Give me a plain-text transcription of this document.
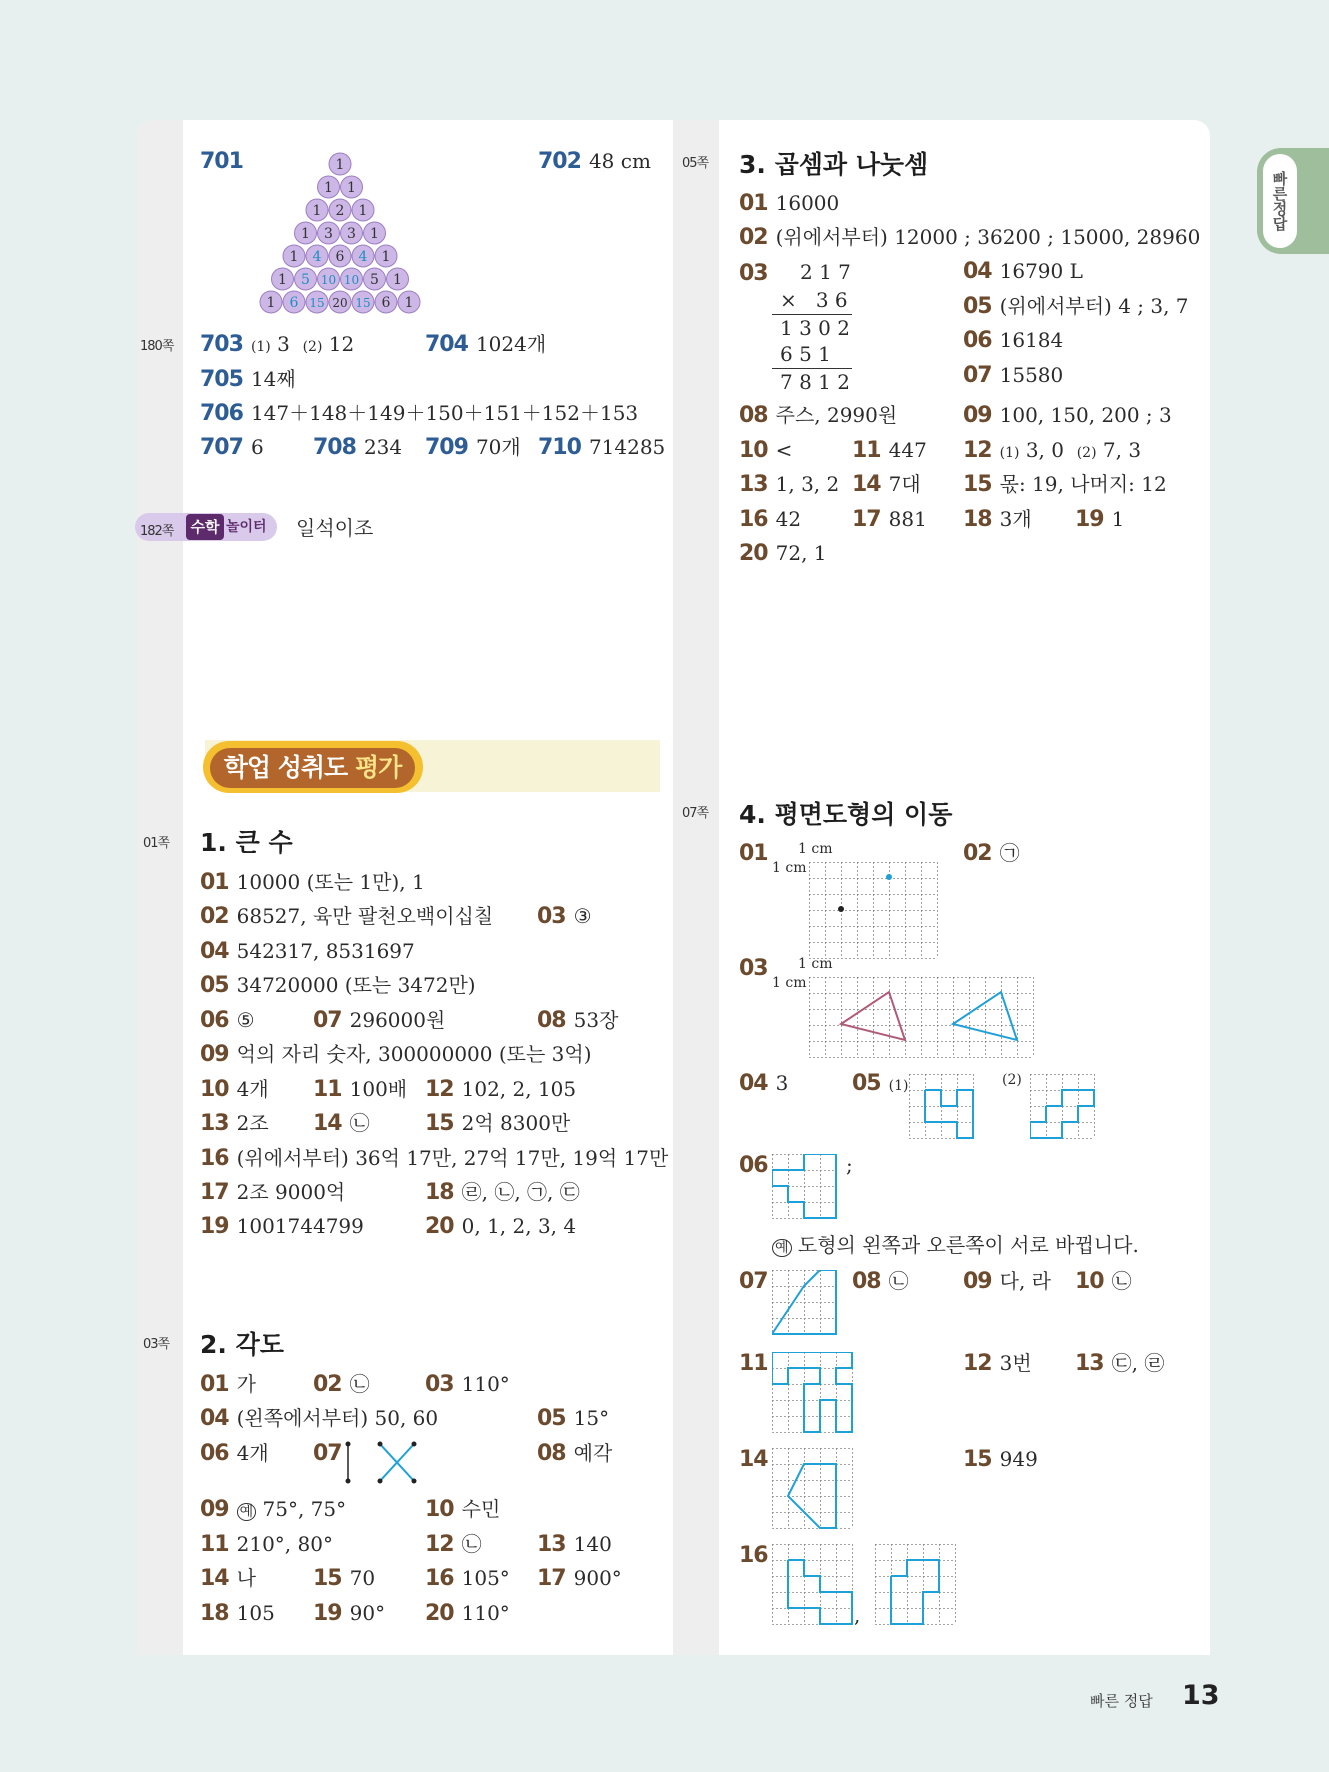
빠른정답
701	1
1 1
1 2 1
1 3 3 1
1 4 6 4 1
1 5 10 10 5 1
1 6 15 20 15 6 1
702 48 cm
180쪽 703 (1) 3 (2) 12	704 1024개
705 14째
706 147＋148＋149＋150＋151＋152＋153
707 6 708 234 709 70개 710 714285
182쪽	수학 놀이터 일석이조
학업 성취도 평가
01쪽 1. 큰 수
01 10000 (또는 1만), 1
02 68527, 육만 팔천오백이십칠 03 ③
04 542317, 8531697
05 34720000 (또는 3472만)
06 ⑤	07 296000원	08 53장
09 억의 자리 숫자, 300000000 (또는 3억)
10 4개 11 100배 12 102, 2, 105
13 2조 14 ㉡	15 2억 8300만
16 (위에서부터) 36억 17만, 27억 17만, 19억 17만
17 2조 9000억	18 ㉣, ㉡, ㉠, ㉢
19 1001744799	20 0, 1, 2, 3, 4
03쪽 2. 각도
01 가	02 ㉡	03 110°
04 (왼쪽에서부터) 50, 60	05 15°
06 4개 07	08 예각
09 예 75°, 75°	10 수민
11 210°, 80°	12 ㉡	13 140
14 나	15 70 16 105° 17 900°
18 105 19 90° 20 110°
05쪽 3. 곱셈과 나눗셈
01 16000
02 (위에서부터) 12000 ; 36200 ; 15000, 28960
03	2 1 7
×   3 6
1 3 0 2
6 5 1
7 8 1 2
04 16790 L
05 (위에서부터) 4 ; 3, 7
06 16184
07 15580
08 주스, 2990원	09 100, 150, 200 ; 3
10 <	11 447 12 (1) 3, 0 (2) 7, 3
13 1, 3, 2 14 7대 15 몫: 19, 나머지: 12
16 42 17 881 18 3개 19 1
20 72, 1
07쪽 4. 평면도형의 이동
01	1 cm
1 cm
02 ㉠
03	1 cm
1 cm
04 3	05 (1)	(2)
06	;
예 도형의 왼쪽과 오른쪽이 서로 바뀝니다.
07	08 ㉡ 09 다, 라 10 ㉡
11	12 3번 13 ㉢, ㉣
14	15 949
16
,
빠른 정답 13
